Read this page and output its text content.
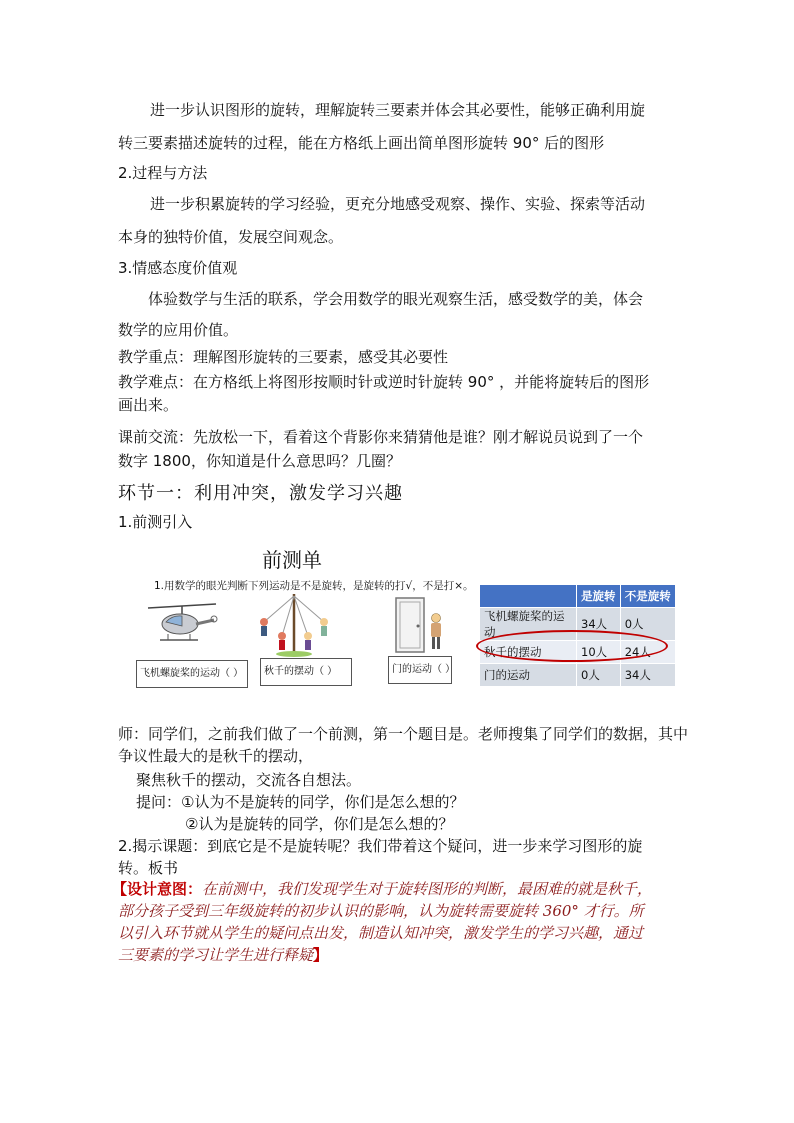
进一步认识图形的旋转，理解旋转三要素并体会其必要性，能够正确利用旋
转三要素描述旋转的过程，能在方格纸上画出简单图形旋转 90° 后的图形
2.过程与方法
进一步积累旋转的学习经验，更充分地感受观察、操作、实验、探索等活动
本身的独特价值，发展空间观念。
3.情感态度价值观
体验数学与生活的联系，学会用数学的眼光观察生活，感受数学的美，体会
数学的应用价值。
教学重点：理解图形旋转的三要素，感受其必要性
教学难点：在方格纸上将图形按顺时针或逆时针旋转 90° ，并能将旋转后的图形
画出来。
课前交流：先放松一下，看着这个背影你来猜猜他是谁？刚才解说员说到了一个
数字 1800，你知道是什么意思吗？几圈？
环节一：利用冲突，激发学习兴趣
1.前测引入
前测单
1.用数学的眼光判断下列运动是不是旋转，是旋转的打√，不是打×。
飞机螺旋桨的运动（ ）	秋千的摆动（ ）	门的运动（ ）
	是旋转	不是旋转
飞机螺旋桨的运动	34人	0人
秋千的摆动	10人	24人
门的运动	0人	34人
师：同学们，之前我们做了一个前测，第一个题目是。老师搜集了同学们的数据，其中
争议性最大的是秋千的摆动，
聚焦秋千的摆动，交流各自想法。
提问：①认为不是旋转的同学，你们是怎么想的？
②认为是旋转的同学，你们是怎么想的？
2.揭示课题：到底它是不是旋转呢？我们带着这个疑问，进一步来学习图形的旋
转。板书
【设计意图：在前测中，我们发现学生对于旋转图形的判断，最困难的就是秋千，
部分孩子受到三年级旋转的初步认识的影响，认为旋转需要旋转 360° 才行。所
以引入环节就从学生的疑问点出发，制造认知冲突，激发学生的学习兴趣，通过
三要素的学习让学生进行释疑】
